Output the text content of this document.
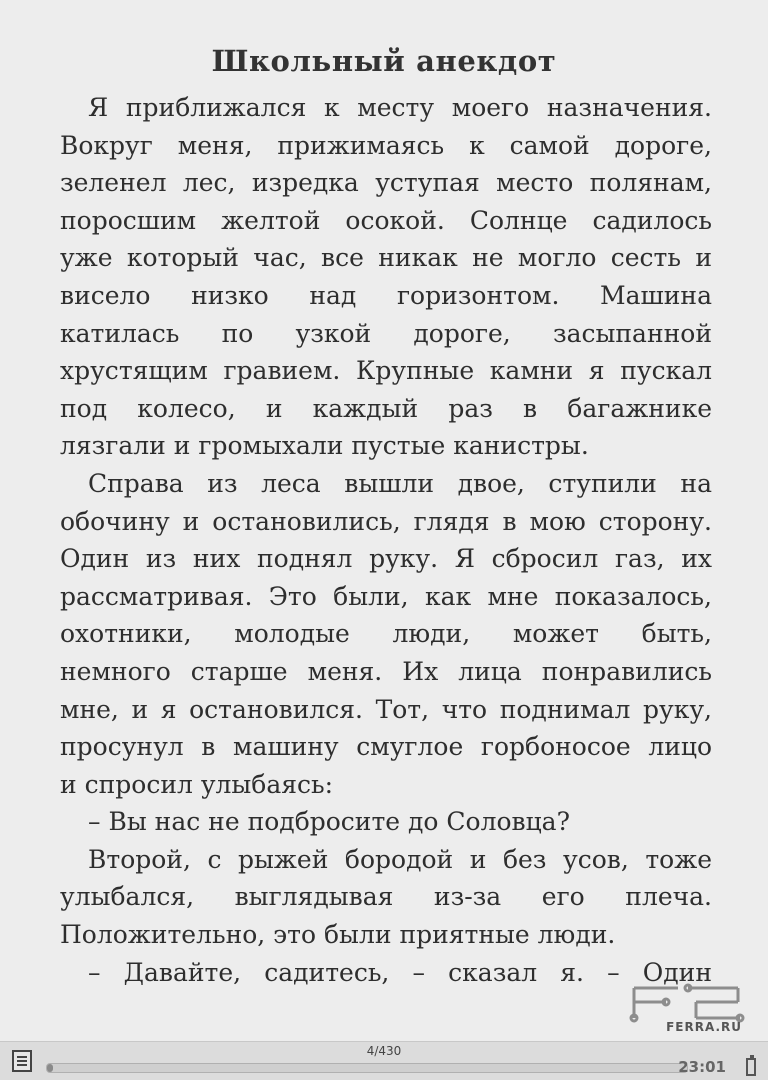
Школьный анекдот
Я приближался к месту моего назначения.
Вокруг меня, прижимаясь к самой дороге,
зеленел лес, изредка уступая место полянам,
поросшим желтой осокой. Солнце садилось
уже который час, все никак не могло сесть и
висело низко над горизонтом. Машина
катилась по узкой дороге, засыпанной
хрустящим гравием. Крупные камни я пускал
под колесо, и каждый раз в багажнике
лязгали и громыхали пустые канистры.
Справа из леса вышли двое, ступили на
обочину и остановились, глядя в мою сторону.
Один из них поднял руку. Я сбросил газ, их
рассматривая. Это были, как мне показалось,
охотники, молодые люди, может быть,
немного старше меня. Их лица понравились
мне, и я остановился. Тот, что поднимал руку,
просунул в машину смуглое горбоносое лицо
и спросил улыбаясь:
– Вы нас не подбросите до Соловца?
Второй, с рыжей бородой и без усов, тоже
улыбался, выглядывая из-за его плеча.
Положительно, это были приятные люди.
– Давайте, садитесь, – сказал я. – Один
FERRA.RU
4/430
23:01
